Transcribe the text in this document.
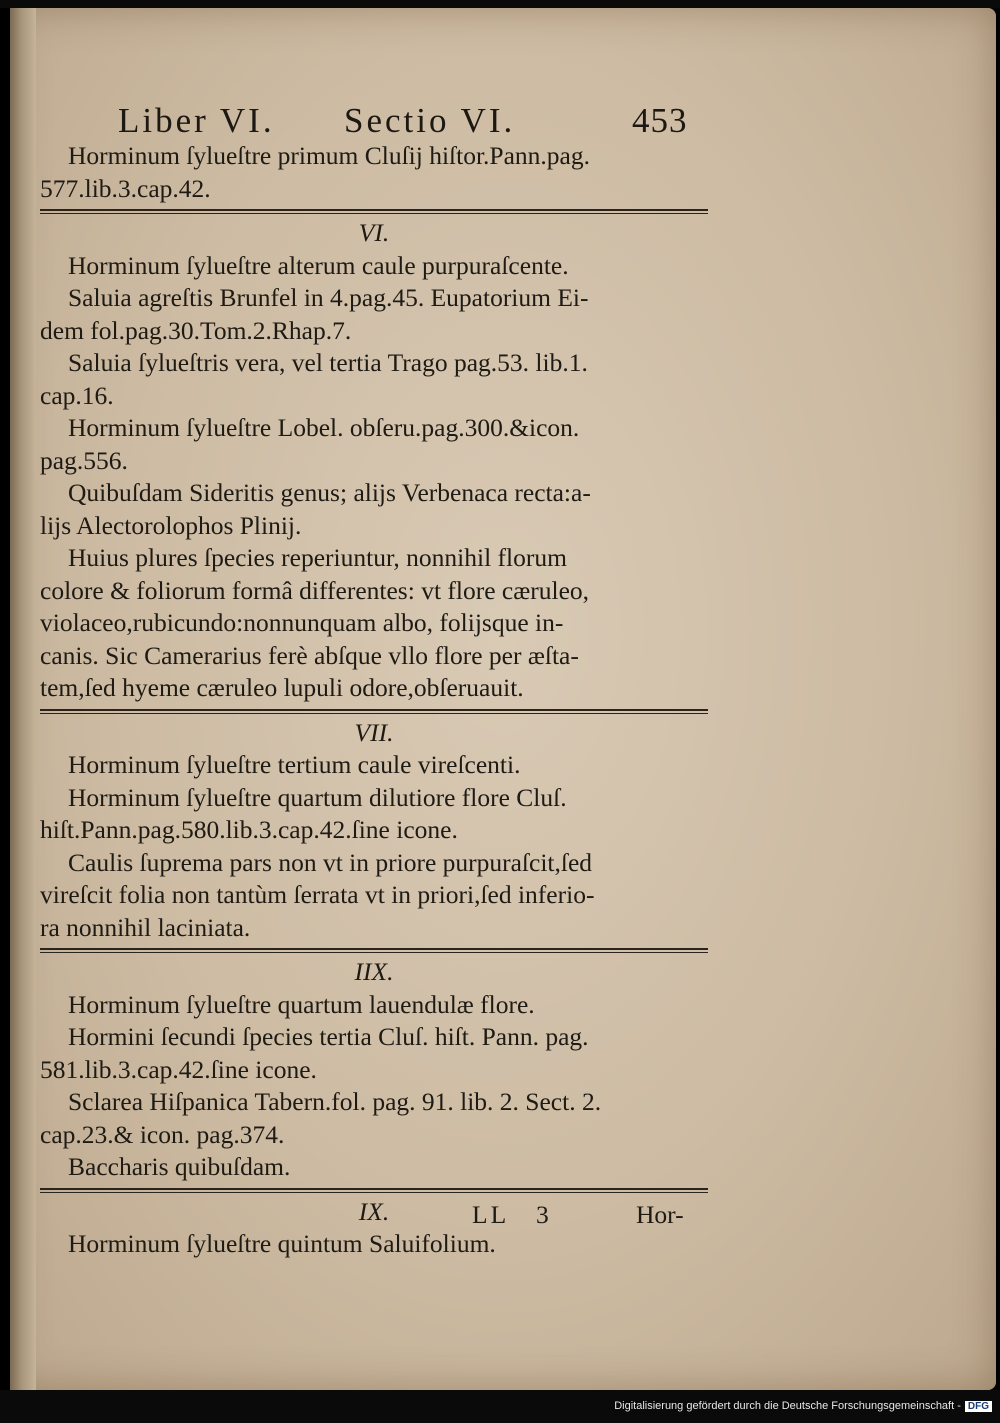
Liber VI. Sectio VI.	453
Horminum ſylueſtre primum Cluſij hiſtor.Pann.pag.
577.lib.3.cap.42.
VI.
Horminum ſylueſtre alterum caule purpuraſcente.
Saluia agreſtis Brunfel in 4.pag.45. Eupatorium Ei-
dem fol.pag.30.Tom.2.Rhap.7.
Saluia ſylueſtris vera, vel tertia Trago pag.53. lib.1.
cap.16.
Horminum ſylueſtre Lobel. obſeru.pag.300.&icon.
pag.556.
Quibuſdam Sideritis genus; alijs Verbenaca recta:a-
lijs Alectorolophos Plinij.
Huius plures ſpecies reperiuntur, nonnihil florum
colore & foliorum formâ differentes: vt flore cæruleo,
violaceo,rubicundo:nonnunquam albo, folijsque in-
canis. Sic Camerarius ferè abſque vllo flore per æſta-
tem,ſed hyeme cæruleo lupuli odore,obſeruauit.
VII.
Horminum ſylueſtre tertium caule vireſcenti.
Horminum ſylueſtre quartum dilutiore flore Cluſ.
hiſt.Pann.pag.580.lib.3.cap.42.ſine icone.
Caulis ſuprema pars non vt in priore purpuraſcit,ſed
vireſcit folia non tantùm ſerrata vt in priori,ſed inferio-
ra nonnihil laciniata.
IIX.
Horminum ſylueſtre quartum lauendulæ flore.
Hormini ſecundi ſpecies tertia Cluſ. hiſt. Pann. pag.
581.lib.3.cap.42.ſine icone.
Sclarea Hiſpanica Tabern.fol. pag. 91. lib. 2. Sect. 2.
cap.23.& icon. pag.374.
Baccharis quibuſdam.
IX.
Horminum ſylueſtre quintum Saluifolium.
LL 3	Hor-
Digitalisierung gefördert durch die Deutsche Forschungsgemeinschaft - DFG
